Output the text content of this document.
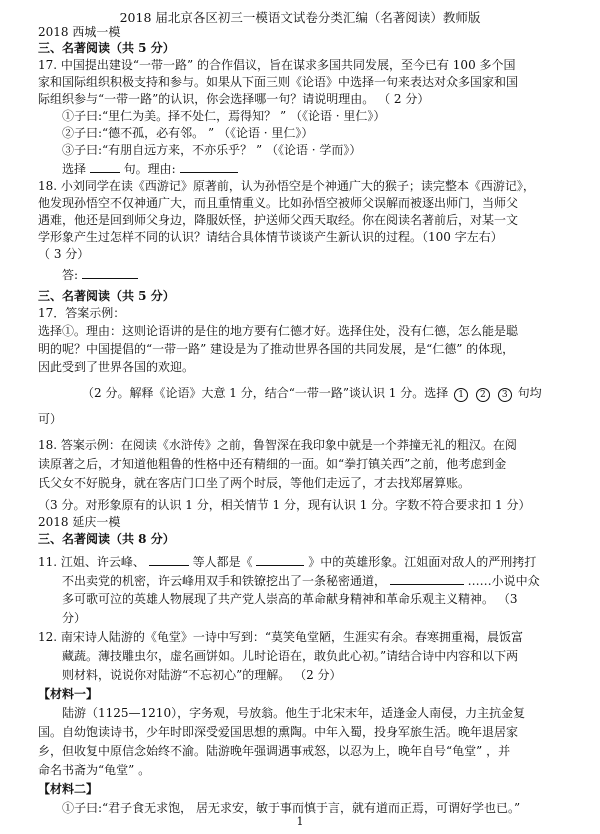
2018 届北京各区初三一模语文试卷分类汇编（名著阅读）教师版
2018 西城一模
三、名著阅读（共 5 分）
17. 中国提出建设“一带一路” 的合作倡议，旨在谋求多国共同发展，至今已有 100 多个国
家和国际组织积极支持和参与。如果从下面三则《论语》中选择一句来表达对众多国家和国
际组织参与“一带一路”的认识，你会选择哪一句？请说明理由。 （ 2 分）
①子曰:“里仁为美。择不处仁，焉得知？ ” （《论语 · 里仁》）
②子曰:“德不孤，必有邻。 ” （《论语 · 里仁》）
③子曰:“有朋自远方来，不亦乐乎？ ” （《论语 · 学而》）
选择	句。理由:
18. 小刘同学在读《西游记》原著前，认为孙悟空是个神通广大的猴子；读完整本《西游记》，
他发现孙悟空不仅神通广大，而且重情重义。比如孙悟空被师父误解而被逐出师门，当师父
遇难，他还是回到师父身边，降服妖怪，护送师父西天取经。你在阅读名著前后，对某一文
学形象产生过怎样不同的认识？请结合具体情节谈谈产生新认识的过程。（100 字左右）
（ 3 分）
答:
三、名著阅读（共 5 分）
17．答案示例：
选择①。理由：这则论语讲的是住的地方要有仁德才好。选择住处，没有仁德，怎么能是聪
明的呢？中国提倡的“一带一路” 建设是为了推动世界各国的共同发展，是“仁德” 的体现，
因此受到了世界各国的欢迎。
（2 分。解释《论语》大意 1 分，结合“一带一路”谈认识 1 分。选择 1 2 3 句均
可）
18. 答案示例：在阅读《水浒传》之前，鲁智深在我印象中就是一个莽撞无礼的粗汉。在阅
读原著之后，才知道他粗鲁的性格中还有精细的一面。如“拳打镇关西”之前，他考虑到金
氏父女不好脱身，就在客店门口坐了两个时辰，等他们走远了，才去找郑屠算账。
（3 分。对形象原有的认识 1 分，相关情节 1 分，现有认识 1 分。字数不符合要求扣 1 分）
2018 延庆一模
三、名著阅读（共 8 分）
11. 江姐、许云峰、	等人都是《	》中的英雄形象。江姐面对敌人的严刑拷打
不出卖党的机密，许云峰用双手和铁镣挖出了一条秘密通道，	……小说中众
多可歌可泣的英雄人物展现了共产党人崇高的革命献身精神和革命乐观主义精神。 （3
分）
12. 南宋诗人陆游的《龟堂》一诗中写到：“莫笑龟堂陋，生涯实有余。春寒拥重褐，晨饭富
藏蔬。薄技雕虫尔，虚名画饼如。儿时论语在，敢负此心初。”请结合诗中内容和以下两
则材料，说说你对陆游“不忘初心”的理解。 （2 分）
【材料一】
陆游（1125—1210），字务观，号放翁。他生于北宋末年，适逢金人南侵，力主抗金复
国。自幼饱读诗书，少年时即深受爱国思想的熏陶。中年入蜀，投身军旅生活。晚年退居家
乡，但收复中原信念始终不渝。陆游晚年强调遇事戒怒，以忍为上，晚年自号“龟堂” ，并
命名书斋为“龟堂” 。
【材料二】
①子曰:“君子食无求饱， 居无求安，敏于事而慎于言，就有道而正焉，可谓好学也已。”
1
